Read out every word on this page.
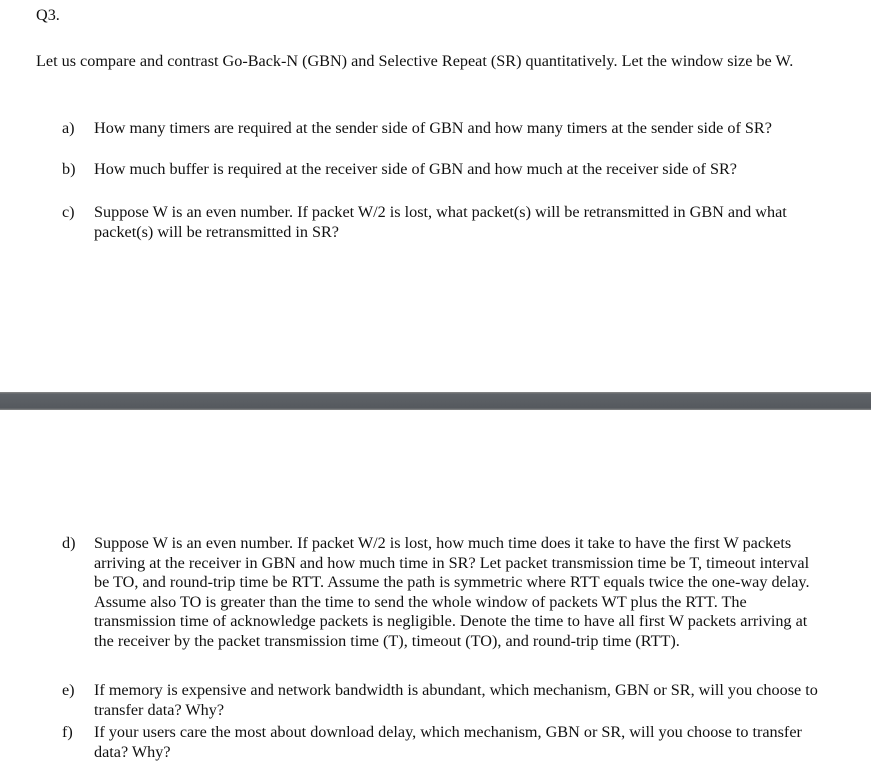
Q3.
Let us compare and contrast Go-Back-N (GBN) and Selective Repeat (SR) quantitatively. Let the window size be W.
a)	How many timers are required at the sender side of GBN and how many timers at the sender side of SR?
b)	How much buffer is required at the receiver side of GBN and how much at the receiver side of SR?
c)	Suppose W is an even number. If packet W/2 is lost, what packet(s) will be retransmitted in GBN and what packet(s) will be retransmitted in SR?
d)	Suppose W is an even number. If packet W/2 is lost, how much time does it take to have the first W packets arriving at the receiver in GBN and how much time in SR? Let packet transmission time be T, timeout interval be TO, and round-trip time be RTT. Assume the path is symmetric where RTT equals twice the one-way delay. Assume also TO is greater than the time to send the whole window of packets WT plus the RTT. The transmission time of acknowledge packets is negligible. Denote the time to have all first W packets arriving at the receiver by the packet transmission time (T), timeout (TO), and round-trip time (RTT).
e)	If memory is expensive and network bandwidth is abundant, which mechanism, GBN or SR, will you choose to transfer data? Why?
f)	If your users care the most about download delay, which mechanism, GBN or SR, will you choose to transfer data? Why?
